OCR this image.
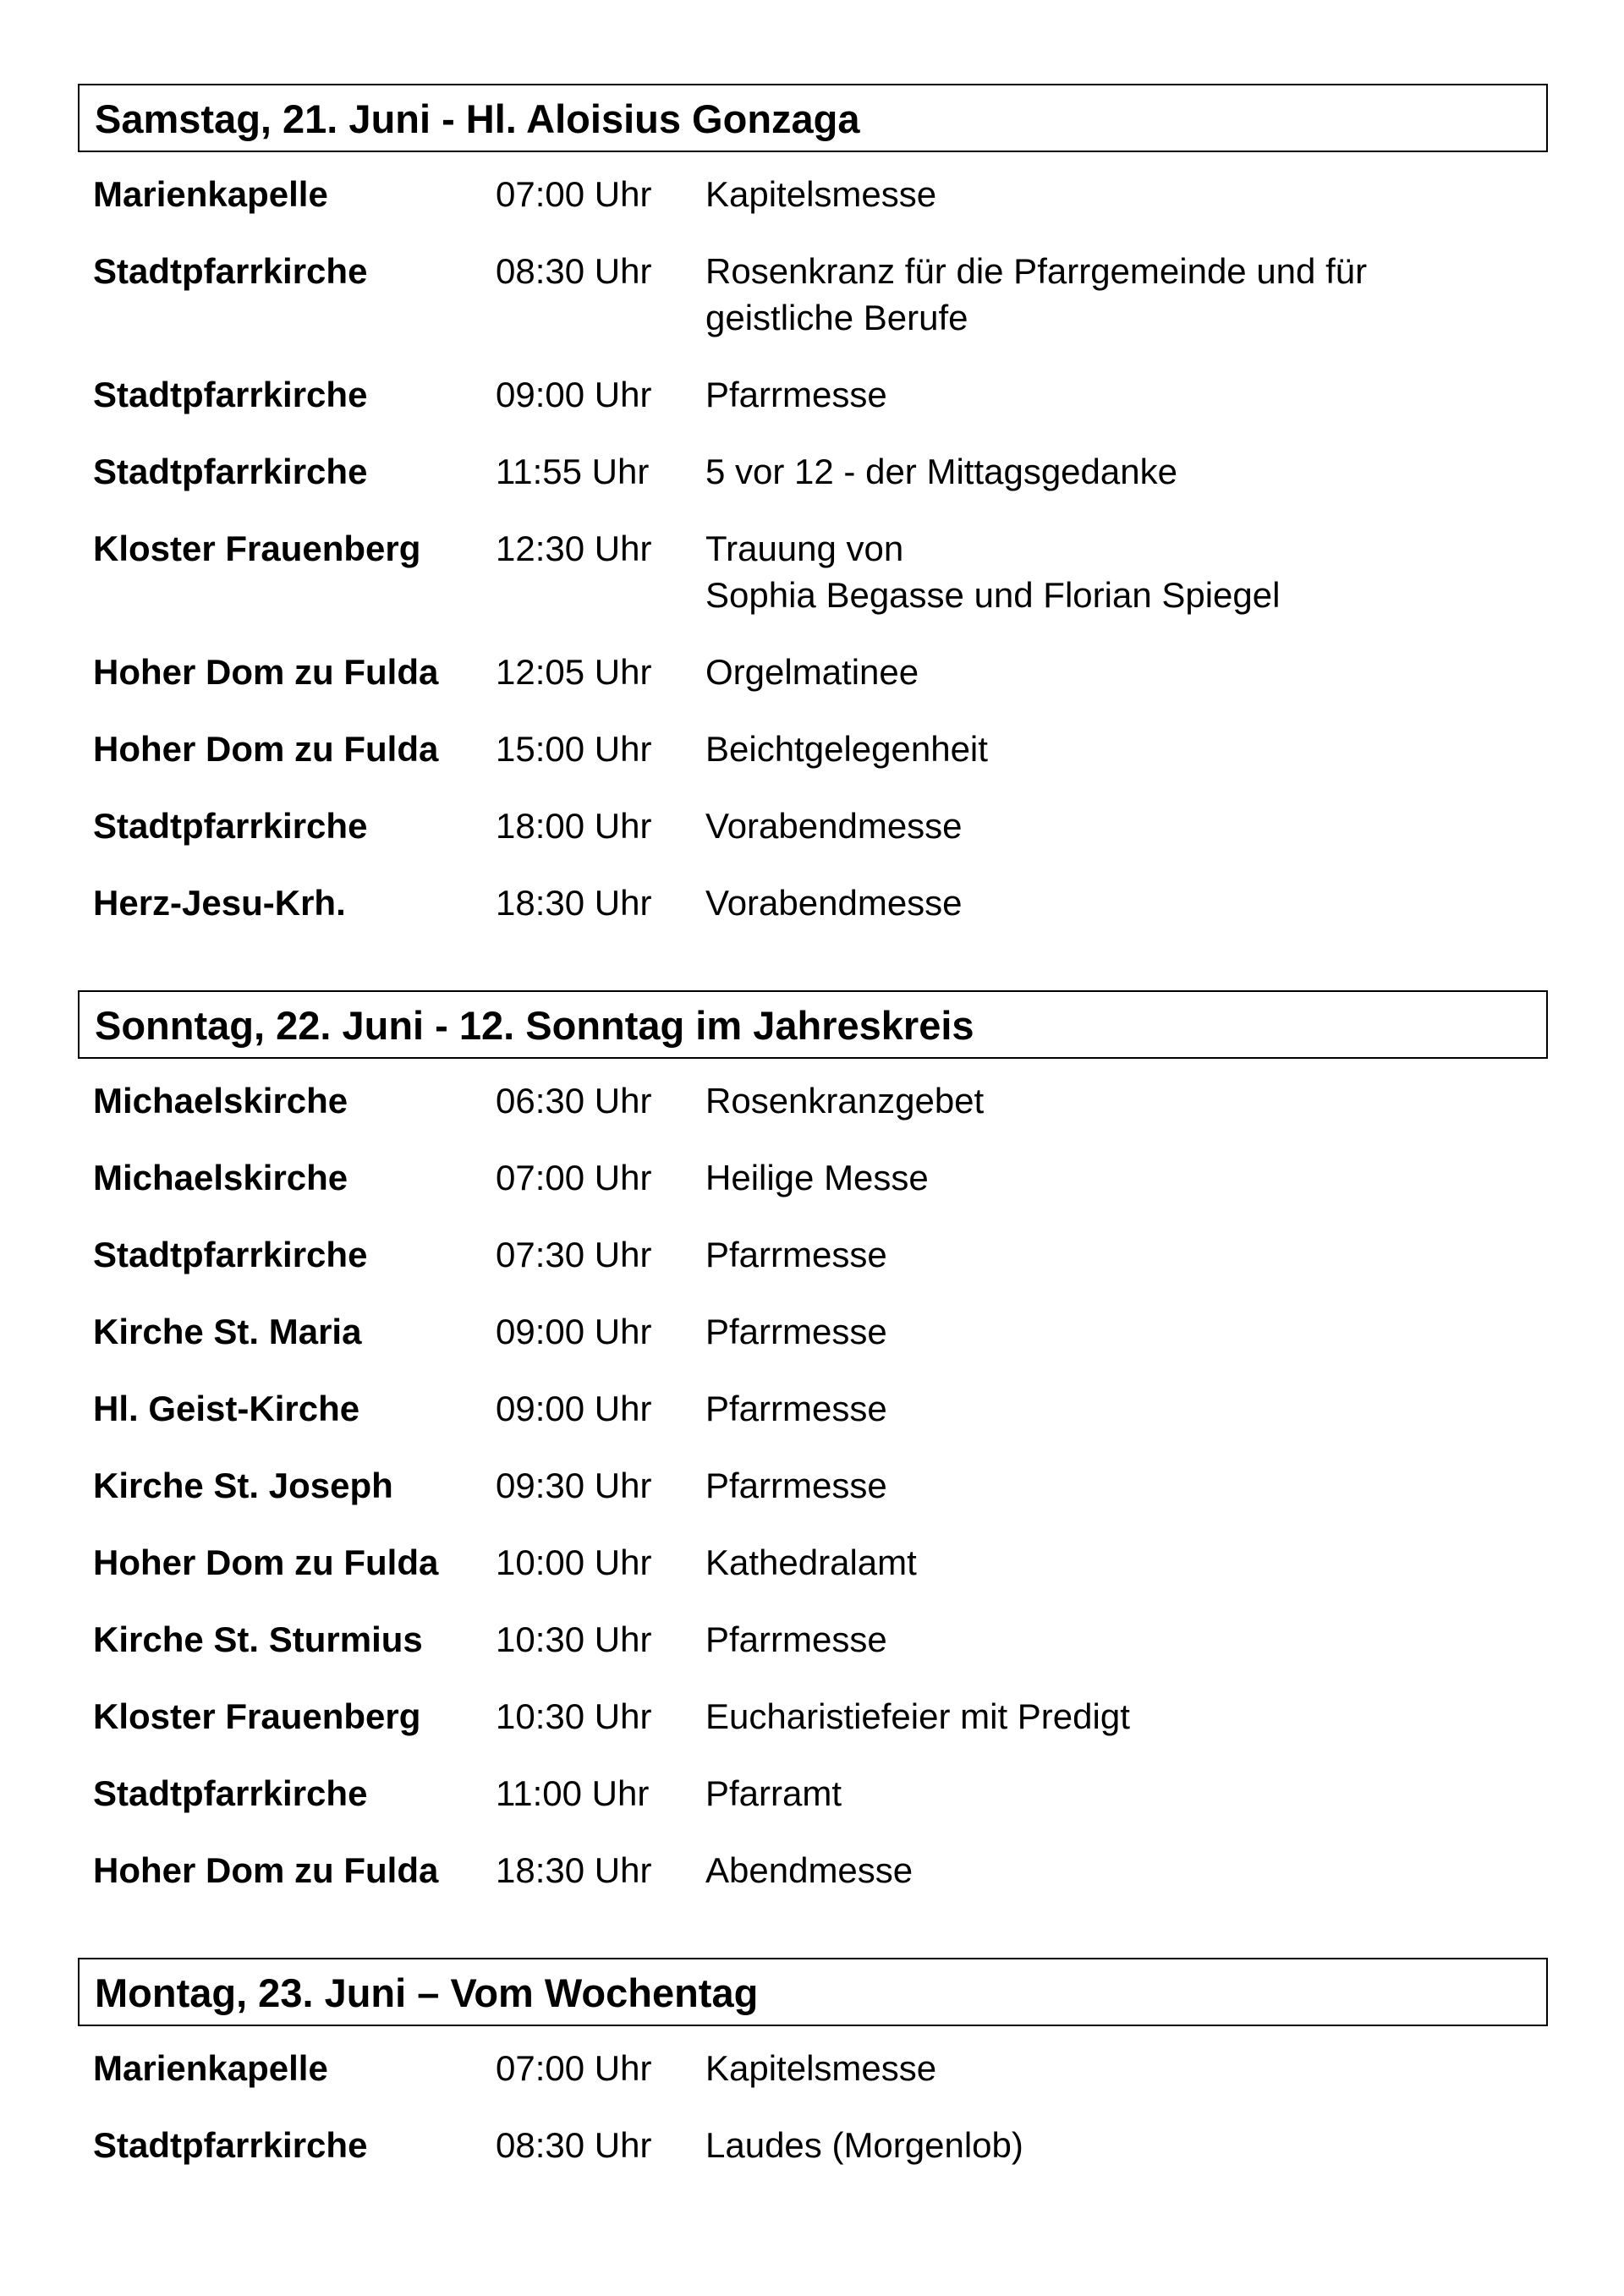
Samstag, 21. Juni - Hl. Aloisius Gonzaga
Marienkapelle	07:00 Uhr	Kapitelsmesse
Stadtpfarrkirche	08:30 Uhr	Rosenkranz für die Pfarrgemeinde und für
geistliche Berufe
Stadtpfarrkirche	09:00 Uhr	Pfarrmesse
Stadtpfarrkirche	11:55 Uhr	5 vor 12 - der Mittagsgedanke
Kloster Frauenberg	12:30 Uhr	Trauung von
Sophia Begasse und Florian Spiegel
Hoher Dom zu Fulda	12:05 Uhr	Orgelmatinee
Hoher Dom zu Fulda	15:00 Uhr	Beichtgelegenheit
Stadtpfarrkirche	18:00 Uhr	Vorabendmesse
Herz-Jesu-Krh.	18:30 Uhr	Vorabendmesse
Sonntag, 22. Juni - 12. Sonntag im Jahreskreis
Michaelskirche	06:30 Uhr	Rosenkranzgebet
Michaelskirche	07:00 Uhr	Heilige Messe
Stadtpfarrkirche	07:30 Uhr	Pfarrmesse
Kirche St. Maria	09:00 Uhr	Pfarrmesse
Hl. Geist-Kirche	09:00 Uhr	Pfarrmesse
Kirche St. Joseph	09:30 Uhr	Pfarrmesse
Hoher Dom zu Fulda	10:00 Uhr	Kathedralamt
Kirche St. Sturmius	10:30 Uhr	Pfarrmesse
Kloster Frauenberg	10:30 Uhr	Eucharistiefeier mit Predigt
Stadtpfarrkirche	11:00 Uhr	Pfarramt
Hoher Dom zu Fulda	18:30 Uhr	Abendmesse
Montag, 23. Juni – Vom Wochentag
Marienkapelle	07:00 Uhr	Kapitelsmesse
Stadtpfarrkirche	08:30 Uhr	Laudes (Morgenlob)
